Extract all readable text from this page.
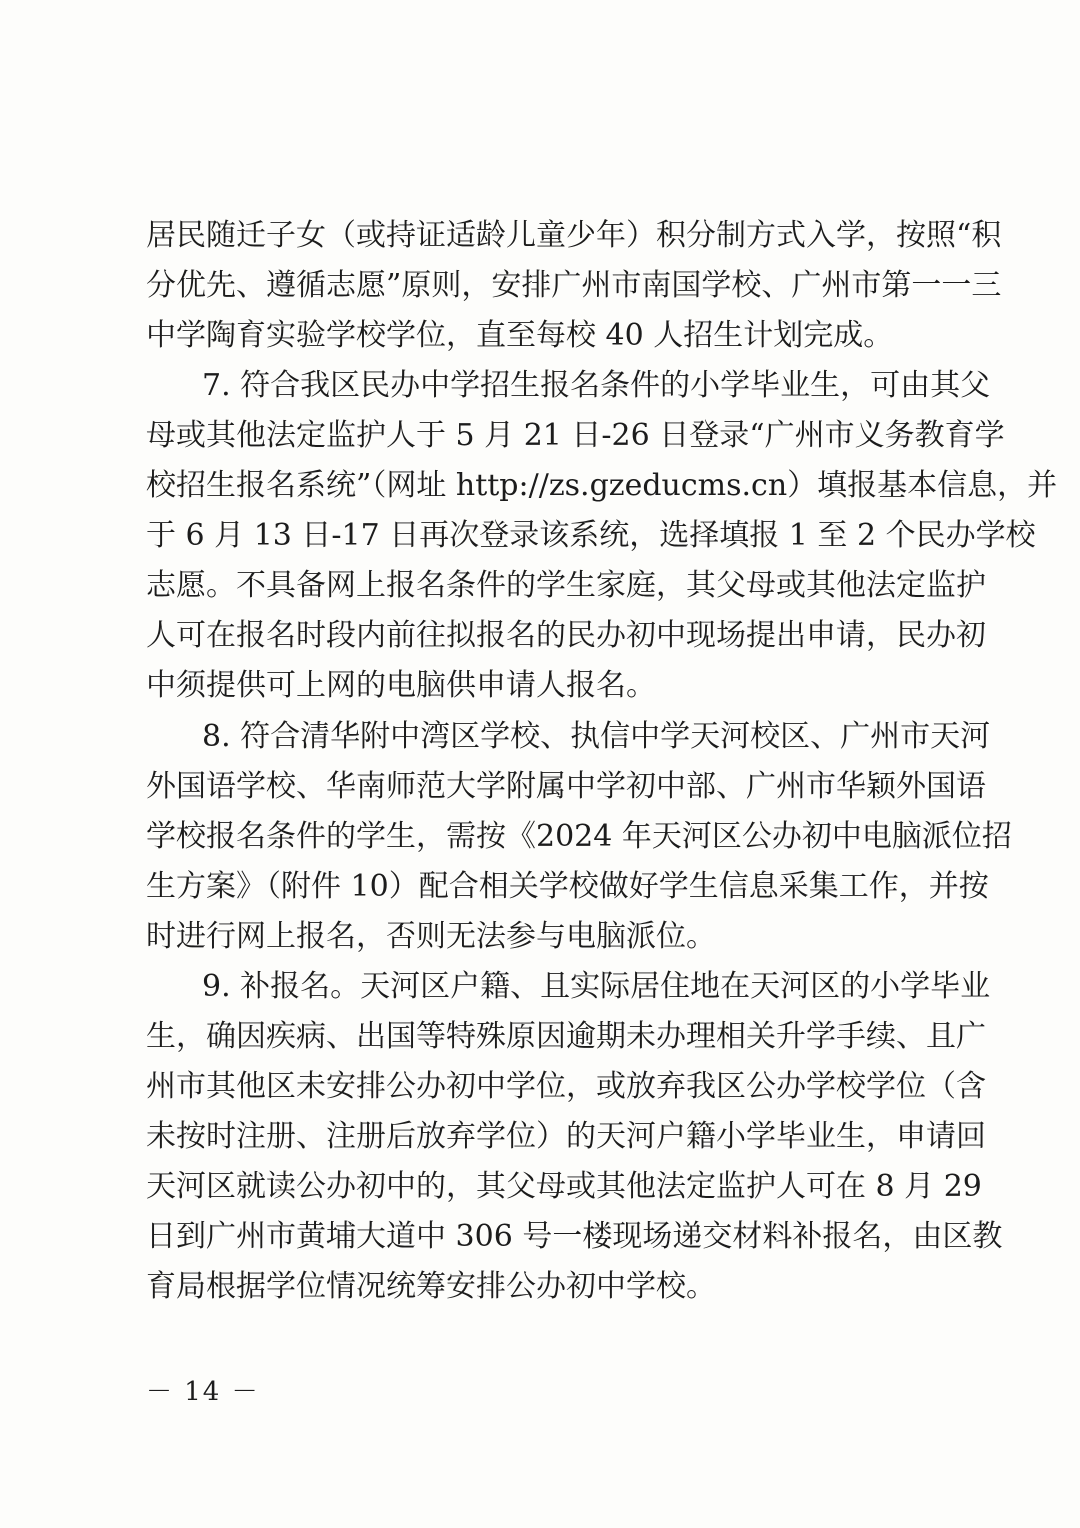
居民随迁子女（或持证适龄儿童少年）积分制方式入学，按照“积
分优先、遵循志愿”原则，安排广州市南国学校、广州市第一一三
中学陶育实验学校学位，直至每校 40 人招生计划完成。
7. 符合我区民办中学招生报名条件的小学毕业生，可由其父
母或其他法定监护人于 5 月 21 日-26 日登录“广州市义务教育学
校招生报名系统”（网址 http://zs.gzeducms.cn）填报基本信息，并
于 6 月 13 日-17 日再次登录该系统，选择填报 1 至 2 个民办学校
志愿。不具备网上报名条件的学生家庭，其父母或其他法定监护
人可在报名时段内前往拟报名的民办初中现场提出申请，民办初
中须提供可上网的电脑供申请人报名。
8. 符合清华附中湾区学校、执信中学天河校区、广州市天河
外国语学校、华南师范大学附属中学初中部、广州市华颖外国语
学校报名条件的学生，需按《2024 年天河区公办初中电脑派位招
生方案》（附件 10）配合相关学校做好学生信息采集工作，并按
时进行网上报名，否则无法参与电脑派位。
9. 补报名。天河区户籍、且实际居住地在天河区的小学毕业
生，确因疾病、出国等特殊原因逾期未办理相关升学手续、且广
州市其他区未安排公办初中学位，或放弃我区公办学校学位（含
未按时注册、注册后放弃学位）的天河户籍小学毕业生，申请回
天河区就读公办初中的，其父母或其他法定监护人可在 8 月 29
日到广州市黄埔大道中 306 号一楼现场递交材料补报名，由区教
育局根据学位情况统筹安排公办初中学校。
－ 14 －
